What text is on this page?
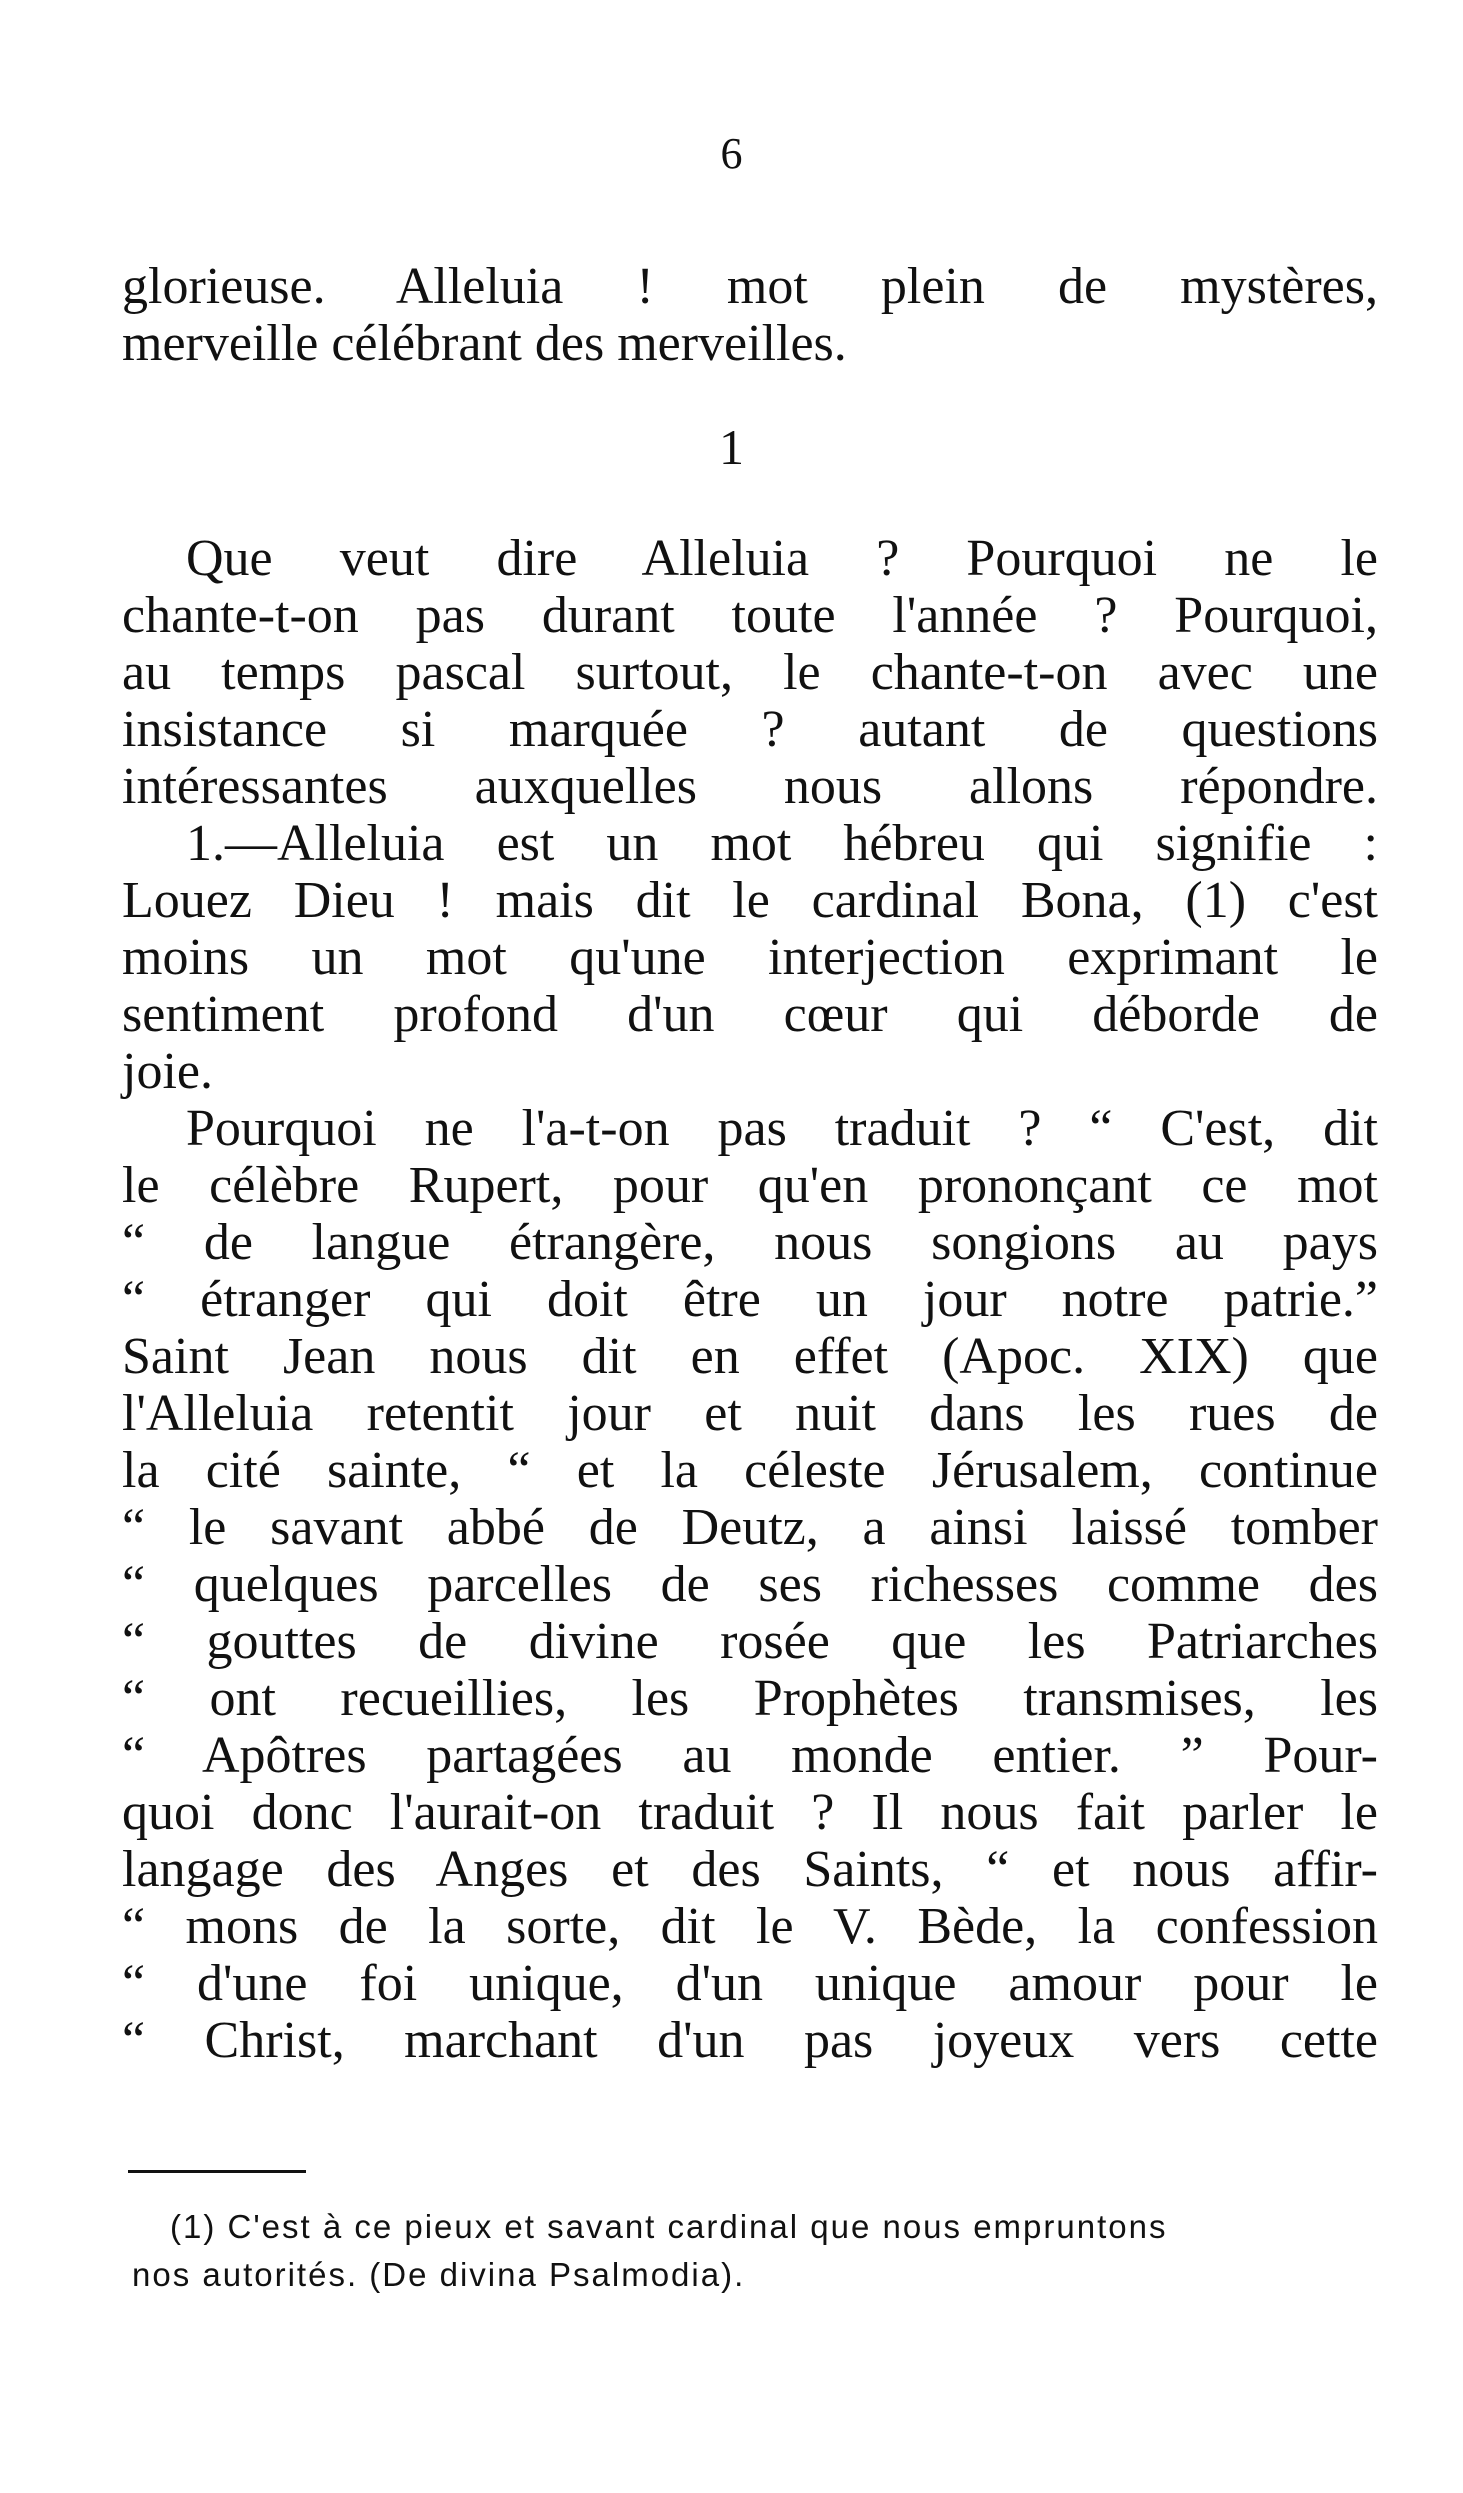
6
glorieuse. Alleluia ! mot plein de mystères,
merveille célébrant des merveilles.
1
Que veut dire Alleluia ? Pourquoi ne le
chante-t-on pas durant toute l'année ? Pourquoi,
au temps pascal surtout, le chante-t-on avec une
insistance si marquée ? autant de questions
intéressantes auxquelles nous allons répondre.
1.—Alleluia est un mot hébreu qui signifie :
Louez Dieu ! mais dit le cardinal Bona, (1) c'est
moins un mot qu'une interjection exprimant le
sentiment profond d'un cœur qui déborde de
joie.
Pourquoi ne l'a-t-on pas traduit ? “ C'est, dit
le célèbre Rupert, pour qu'en prononçant ce mot
“ de langue étrangère, nous songions au pays
“ étranger qui doit être un jour notre patrie.”
Saint Jean nous dit en effet (Apoc. XIX) que
l'Alleluia retentit jour et nuit dans les rues de
la cité sainte, “ et la céleste Jérusalem, continue
“ le savant abbé de Deutz, a ainsi laissé tomber
“ quelques parcelles de ses richesses comme des
“ gouttes de divine rosée que les Patriarches
“ ont recueillies, les Prophètes transmises, les
“ Apôtres partagées au monde entier. ” Pour-
quoi donc l'aurait-on traduit ? Il nous fait parler le
langage des Anges et des Saints, “ et nous affir-
“ mons de la sorte, dit le V. Bède, la confession
“ d'une foi unique, d'un unique amour pour le
“ Christ, marchant d'un pas joyeux vers cette
(1) C'est à ce pieux et savant cardinal que nous empruntons
nos autorités. (De divina Psalmodia).
